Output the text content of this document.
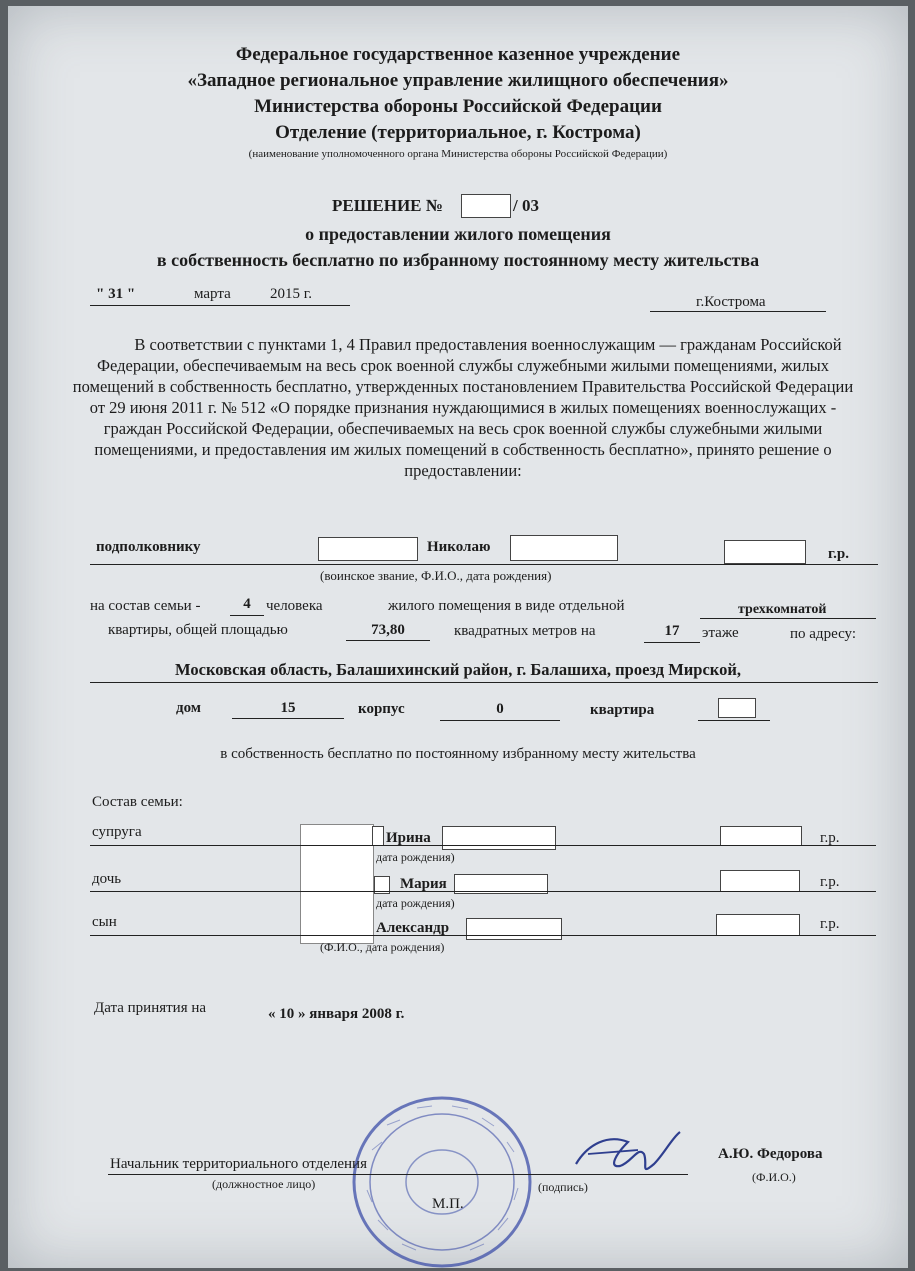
Федеральное государственное казенное учреждение
«Западное региональное управление жилищного обеспечения»
Министерства обороны Российской Федерации
Отделение (территориальное, г. Кострома)
(наименование уполномоченного органа Министерства обороны Российской Федерации)
РЕШЕНИЕ №	/ 03
о предоставлении жилого помещения
в собственность бесплатно по избранному постоянному месту жительства
" 31 "	марта	2015 г.	г.Кострома
В соответствии с пунктами 1, 4 Правил предоставления военнослужащим — гражданам Российской Федерации, обеспечиваемым на весь срок военной службы служебными жилыми помещениями, жилых помещений в собственность бесплатно, утвержденных постановлением Правительства Российской Федерации от 29 июня 2011 г. № 512 «О порядке признания нуждающимися в жилых помещениях военнослужащих - граждан Российской Федерации, обеспечиваемых на весь срок военной службы служебными жилыми помещениями, и предоставления им жилых помещений в собственность бесплатно», принято решение о предоставлении:
подполковнику	Николаю	г.р.
(воинское звание, Ф.И.О., дата рождения)
на состав семьи -	4	человека	жилого помещения в виде отдельной	трехкомнатой
квартиры, общей площадью	73,80	квадратных метров на	17	этаже	по адресу:
Московская область, Балашихинский район, г. Балашиха, проезд Мирской,
дом	15	корпус	0	квартира
в собственность бесплатно по постоянному избранному месту жительства
Состав семьи:
супруга	Ирина	г.р.
дата рождения)
дочь	Мария	г.р.
дата рождения)
сын	Александр	г.р.
(Ф.И.О., дата рождения)
Дата принятия на	« 10 » января 2008 г.
Начальник территориального отделения
(должностное лицо)	(подпись)
А.Ю. Федорова
(Ф.И.О.)
М.П.
